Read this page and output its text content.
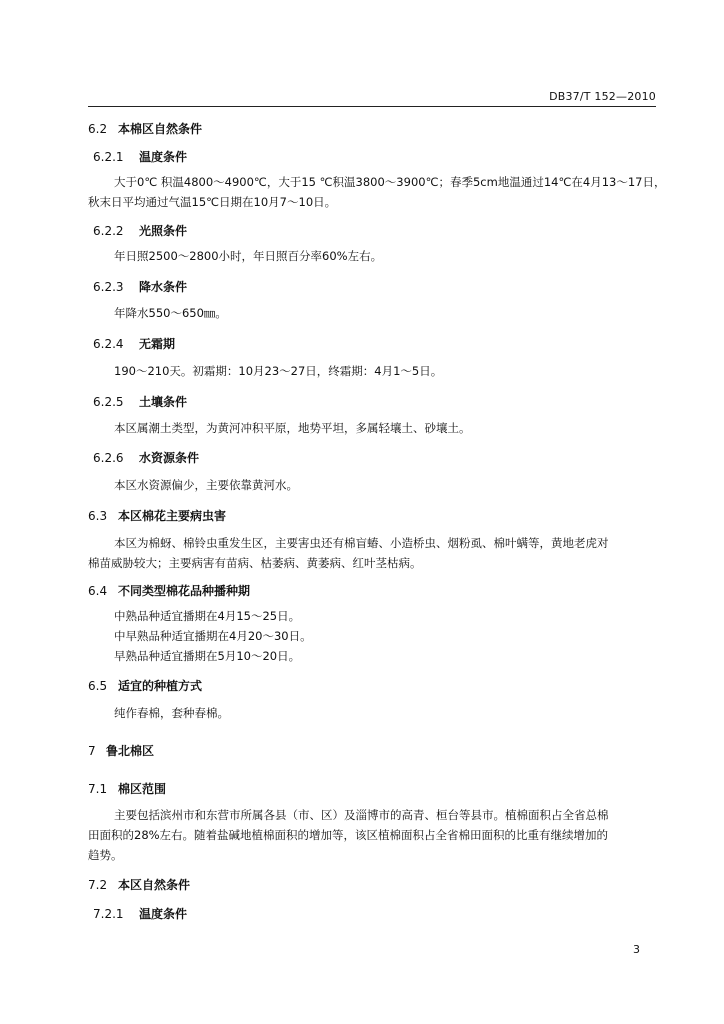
DB37/T 152—2010
6.2 本棉区自然条件
6.2.1 温度条件
大于0℃ 积温4800～4900℃，大于15 ℃积温3800～3900℃；春季5cm地温通过14℃在4月13～17日，
秋末日平均通过气温15℃日期在10月7～10日。
6.2.2 光照条件
年日照2500～2800小时，年日照百分率60%左右。
6.2.3 降水条件
年降水550～650㎜。
6.2.4 无霜期
190～210天。初霜期：10月23～27日，终霜期：4月1～5日。
6.2.5 土壤条件
本区属潮土类型，为黄河冲积平原，地势平坦，多属轻壤土、砂壤土。
6.2.6 水资源条件
本区水资源偏少，主要依靠黄河水。
6.3 本区棉花主要病虫害
本区为棉蚜、棉铃虫重发生区，主要害虫还有棉盲蝽、小造桥虫、烟粉虱、棉叶螨等，黄地老虎对
棉苗威胁较大；主要病害有苗病、枯萎病、黄萎病、红叶茎枯病。
6.4 不同类型棉花品种播种期
中熟品种适宜播期在4月15～25日。
中早熟品种适宜播期在4月20～30日。
早熟品种适宜播期在5月10～20日。
6.5 适宜的种植方式
纯作春棉，套种春棉。
7 鲁北棉区
7.1 棉区范围
主要包括滨州市和东营市所属各县（市、区）及淄博市的高青、桓台等县市。植棉面积占全省总棉
田面积的28%左右。随着盐碱地植棉面积的增加等，该区植棉面积占全省棉田面积的比重有继续增加的
趋势。
7.2 本区自然条件
7.2.1 温度条件
3
